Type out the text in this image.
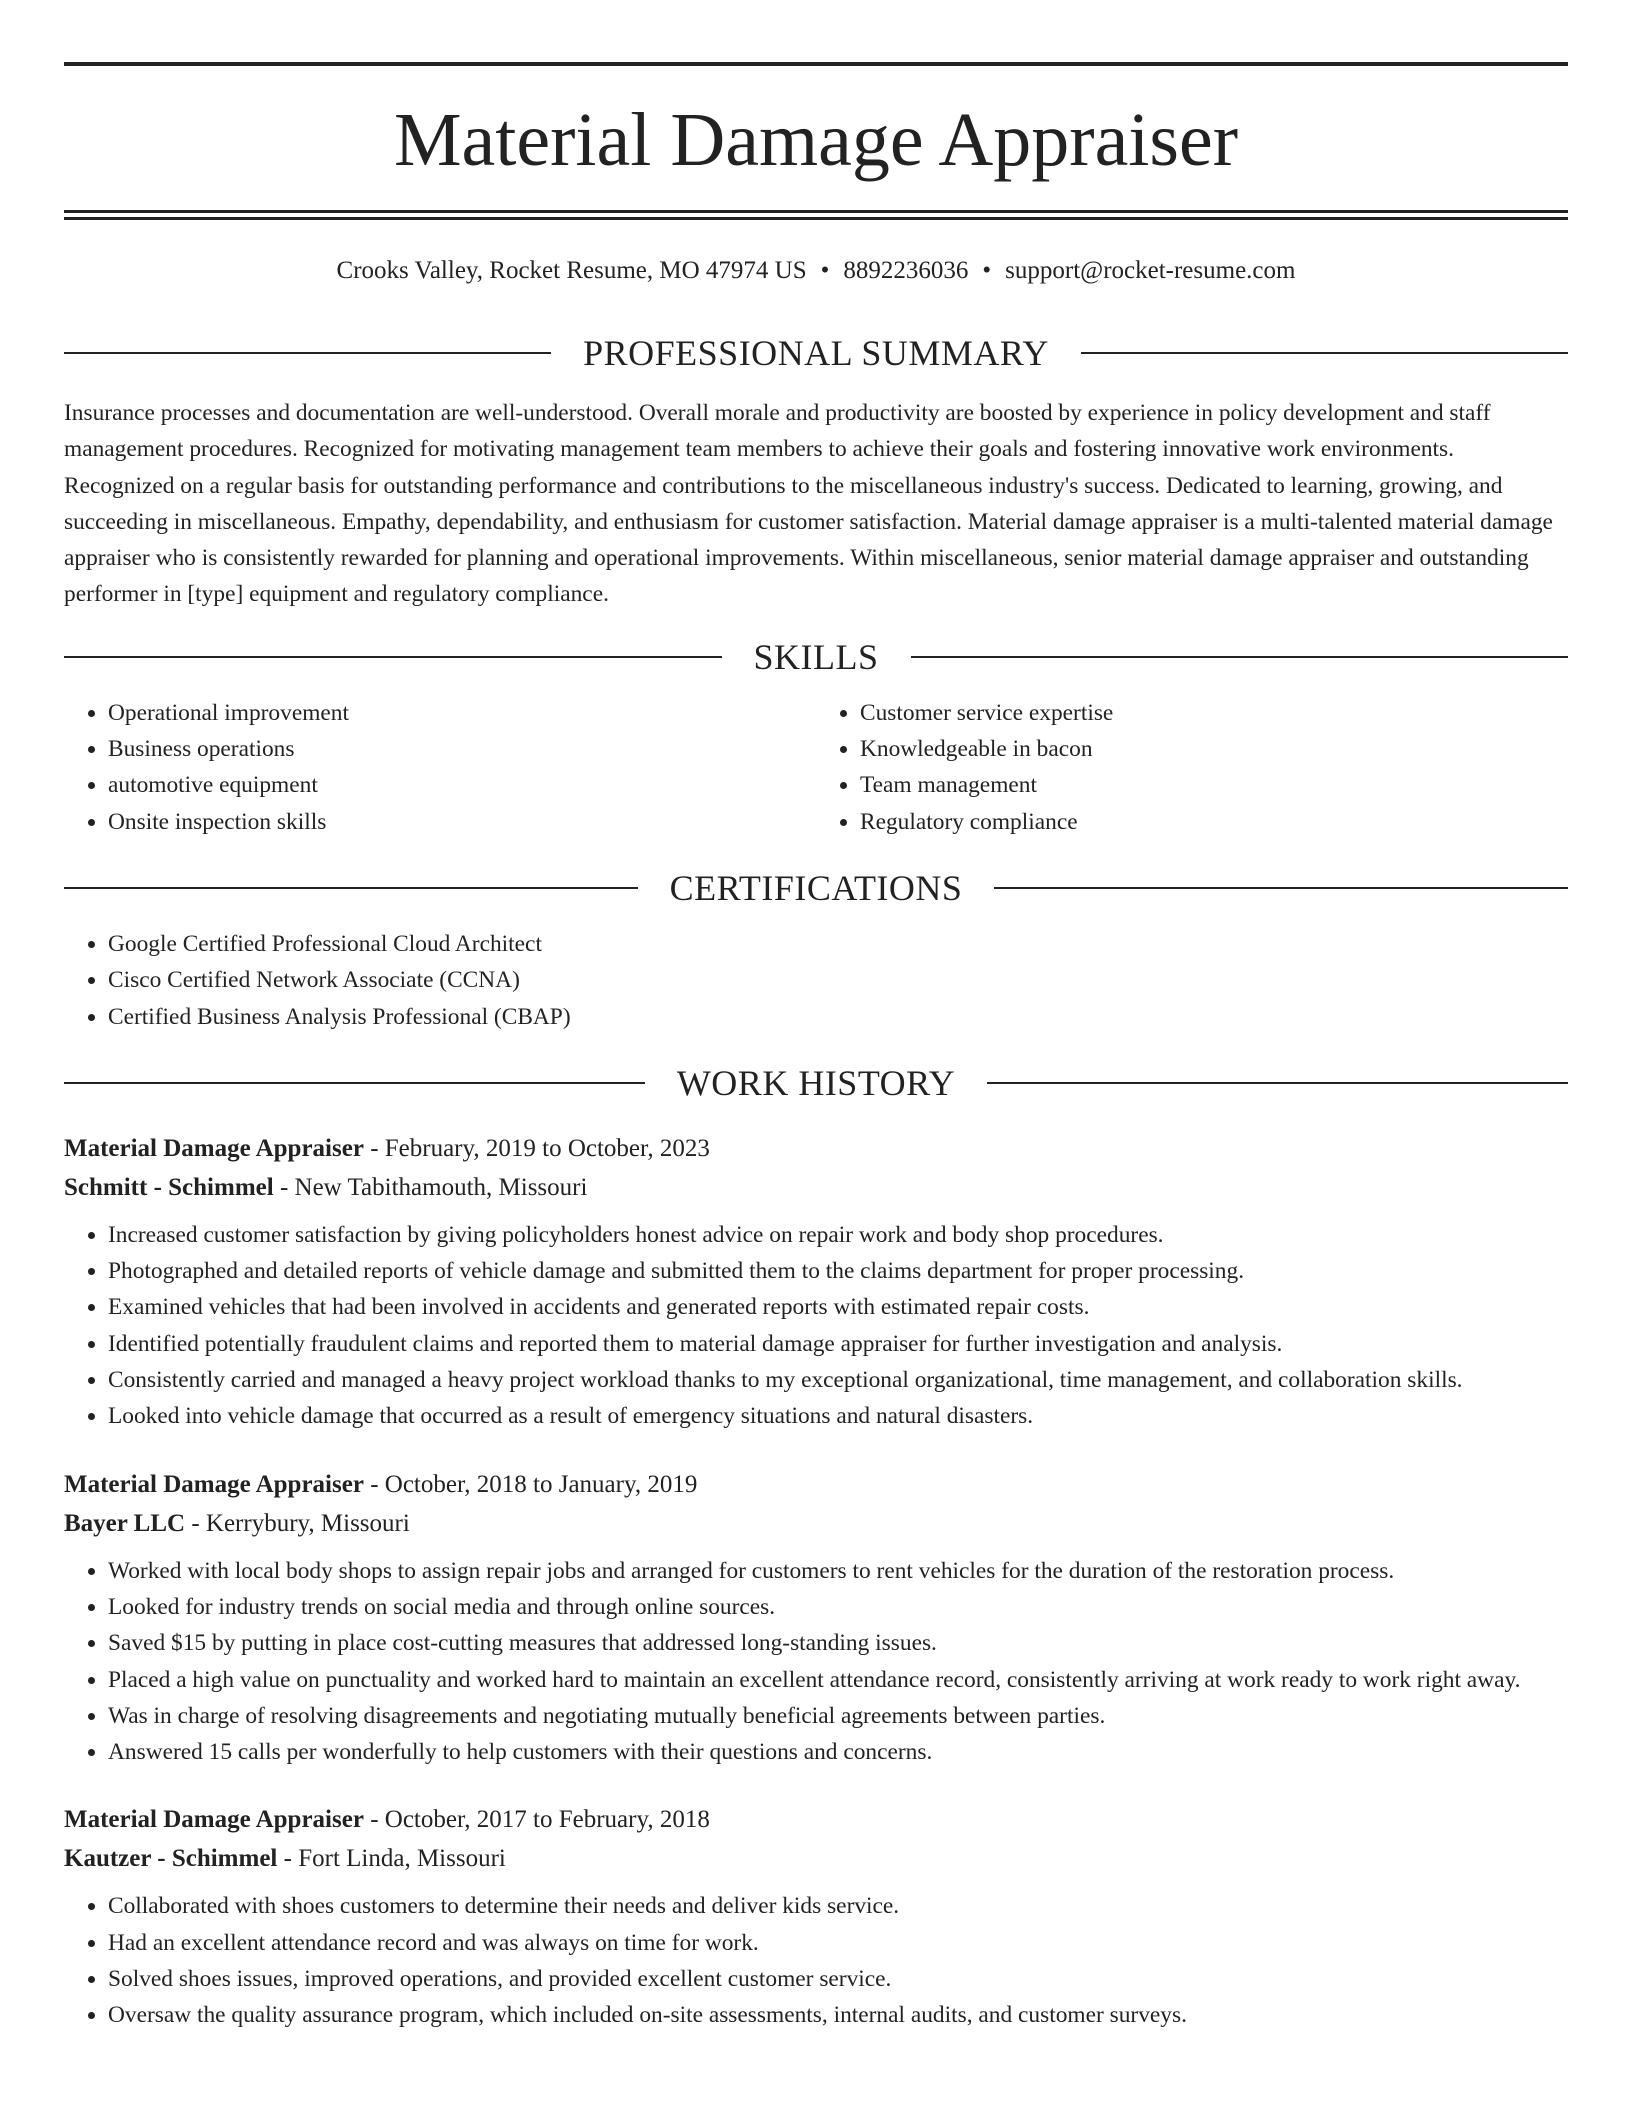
Material Damage Appraiser
Crooks Valley, Rocket Resume, MO 47974 US • 8892236036 • support@rocket-resume.com
PROFESSIONAL SUMMARY

Insurance processes and documentation are well-understood. Overall morale and productivity are boosted by experience in policy development and staff management procedures. Recognized for motivating management team members to achieve their goals and fostering innovative work environments. Recognized on a regular basis for outstanding performance and contributions to the miscellaneous industry's success. Dedicated to learning, growing, and succeeding in miscellaneous. Empathy, dependability, and enthusiasm for customer satisfaction. Material damage appraiser is a multi-talented material damage appraiser who is consistently rewarded for planning and operational improvements. Within miscellaneous, senior material damage appraiser and outstanding performer in [type] equipment and regulatory compliance.

SKILLS
• Operational improvement
• Business operations
• automotive equipment
• Onsite inspection skills
• Customer service expertise
• Knowledgeable in bacon
• Team management
• Regulatory compliance
CERTIFICATIONS
• Google Certified Professional Cloud Architect
• Cisco Certified Network Associate (CCNA)
• Certified Business Analysis Professional (CBAP)
WORK HISTORY
Material Damage Appraiser - February, 2019 to October, 2023
Schmitt - Schimmel - New Tabithamouth, Missouri
• Increased customer satisfaction by giving policyholders honest advice on repair work and body shop procedures.
• Photographed and detailed reports of vehicle damage and submitted them to the claims department for proper processing.
• Examined vehicles that had been involved in accidents and generated reports with estimated repair costs.
• Identified potentially fraudulent claims and reported them to material damage appraiser for further investigation and analysis.
• Consistently carried and managed a heavy project workload thanks to my exceptional organizational, time management, and collaboration skills.
• Looked into vehicle damage that occurred as a result of emergency situations and natural disasters.
Material Damage Appraiser - October, 2018 to January, 2019
Bayer LLC - Kerrybury, Missouri
• Worked with local body shops to assign repair jobs and arranged for customers to rent vehicles for the duration of the restoration process.
• Looked for industry trends on social media and through online sources.
• Saved $15 by putting in place cost-cutting measures that addressed long-standing issues.
• Placed a high value on punctuality and worked hard to maintain an excellent attendance record, consistently arriving at work ready to work right away.
• Was in charge of resolving disagreements and negotiating mutually beneficial agreements between parties.
• Answered 15 calls per wonderfully to help customers with their questions and concerns.
Material Damage Appraiser - October, 2017 to February, 2018
Kautzer - Schimmel - Fort Linda, Missouri
• Collaborated with shoes customers to determine their needs and deliver kids service.
• Had an excellent attendance record and was always on time for work.
• Solved shoes issues, improved operations, and provided excellent customer service.
• Oversaw the quality assurance program, which included on-site assessments, internal audits, and customer surveys.
